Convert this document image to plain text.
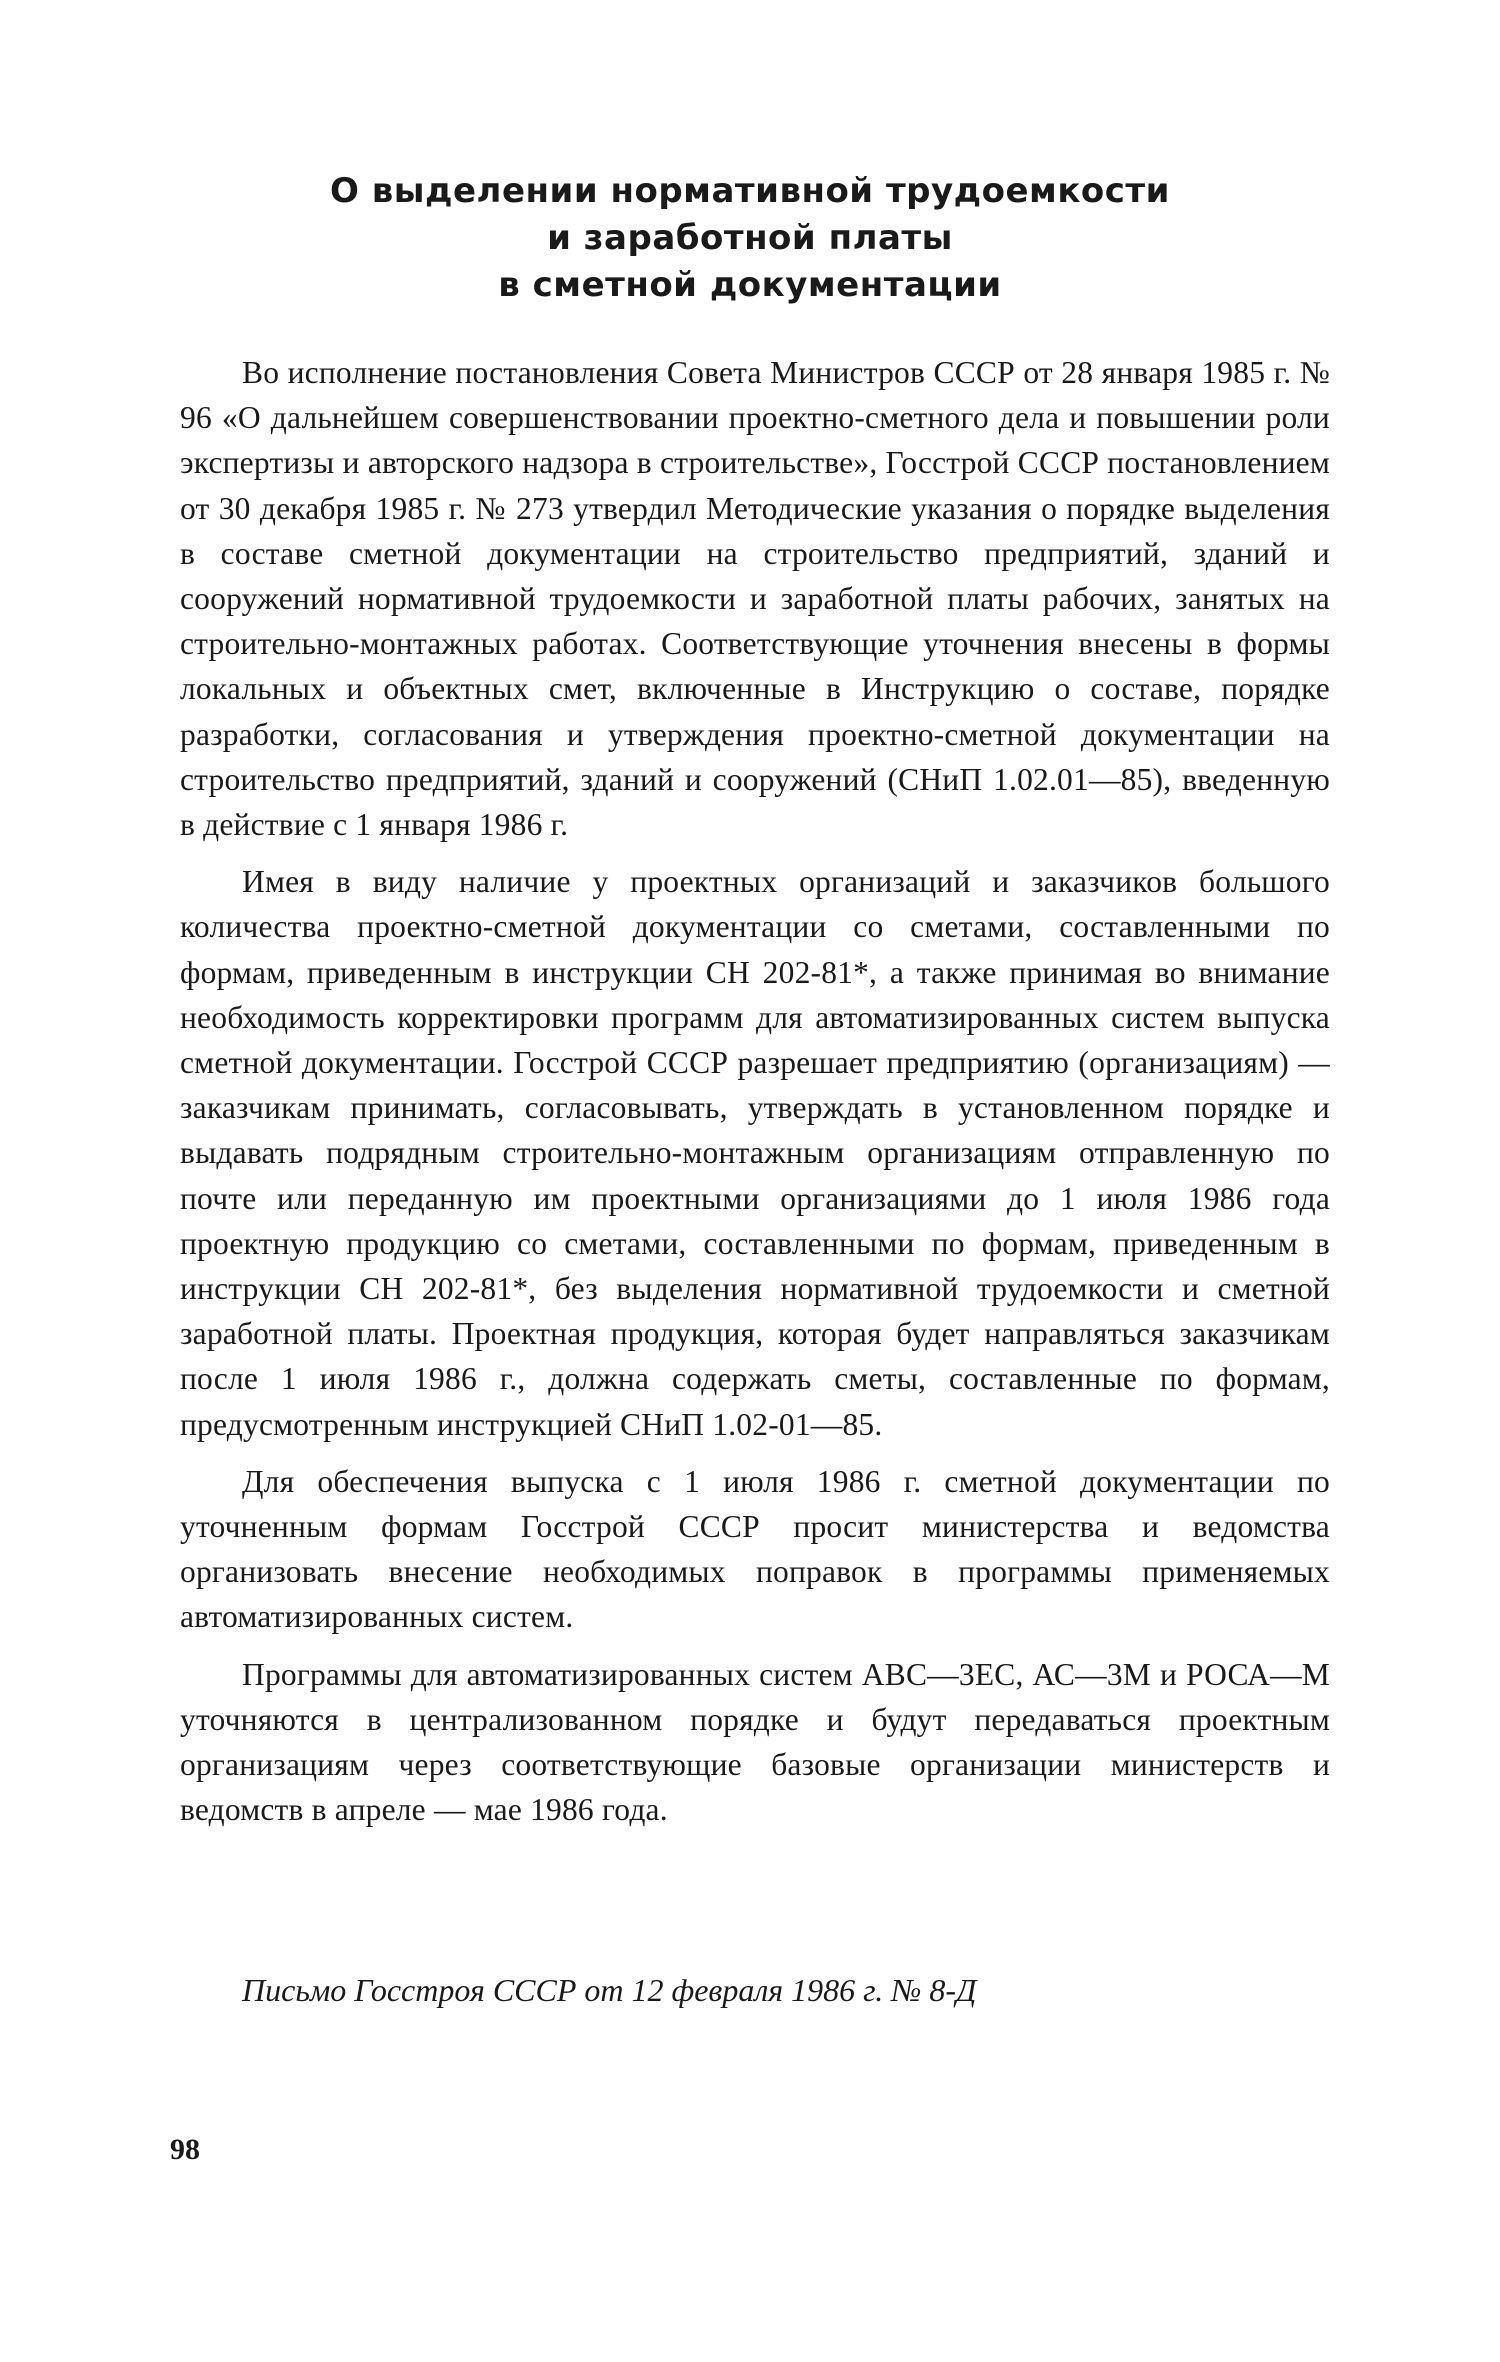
О выделении нормативной трудоемкости
и заработной платы
в сметной документации

Во исполнение постановления Совета Министров СССР от 28 января 1985 г. № 96 «О дальнейшем совершенствовании проектно-сметного дела и повышении роли экспертизы и авторского надзора в строительстве», Госстрой СССР постановлением от 30 декабря 1985 г. № 273 утвердил Методические указания о порядке выделения в составе сметной документации на строительство предприятий, зданий и сооружений нормативной трудоемкости и заработной платы рабочих, занятых на строительно-монтажных работах. Соответствующие уточнения внесены в формы локальных и объектных смет, включенные в Инструкцию о составе, порядке разработки, согласования и утверждения проектно-сметной документации на строительство предприятий, зданий и сооружений (СНиП 1.02.01—85), введенную в действие с 1 января 1986 г.

Имея в виду наличие у проектных организаций и заказчиков большого количества проектно-сметной документации со сметами, составленными по формам, приведенным в инструкции СН 202-81*, а также принимая во внимание необходимость корректировки программ для автоматизированных систем выпуска сметной документации. Госстрой СССР разрешает предприятию (организациям) — заказчикам принимать, согласовывать, утверждать в установленном порядке и выдавать подрядным строительно-монтажным организациям отправленную по почте или переданную им проектными организациями до 1 июля 1986 года проектную продукцию со сметами, составленными по формам, приведенным в инструкции СН 202-81*, без выделения нормативной трудоемкости и сметной заработной платы. Проектная продукция, которая будет направляться заказчикам после 1 июля 1986 г., должна содержать сметы, составленные по формам, предусмотренным инструкцией СНиП 1.02-01—85.

Для обеспечения выпуска с 1 июля 1986 г. сметной документации по уточненным формам Госстрой СССР просит министерства и ведомства организовать внесение необходимых поправок в программы применяемых автоматизированных систем.

Программы для автоматизированных систем АВС—3ЕС, АС—3М и РОСА—М уточняются в централизованном порядке и будут передаваться проектным организациям через соответствующие базовые организации министерств и ведомств в апреле — мае 1986 года.

Письмо Госстроя СССР от 12 февраля 1986 г. № 8-Д

98
